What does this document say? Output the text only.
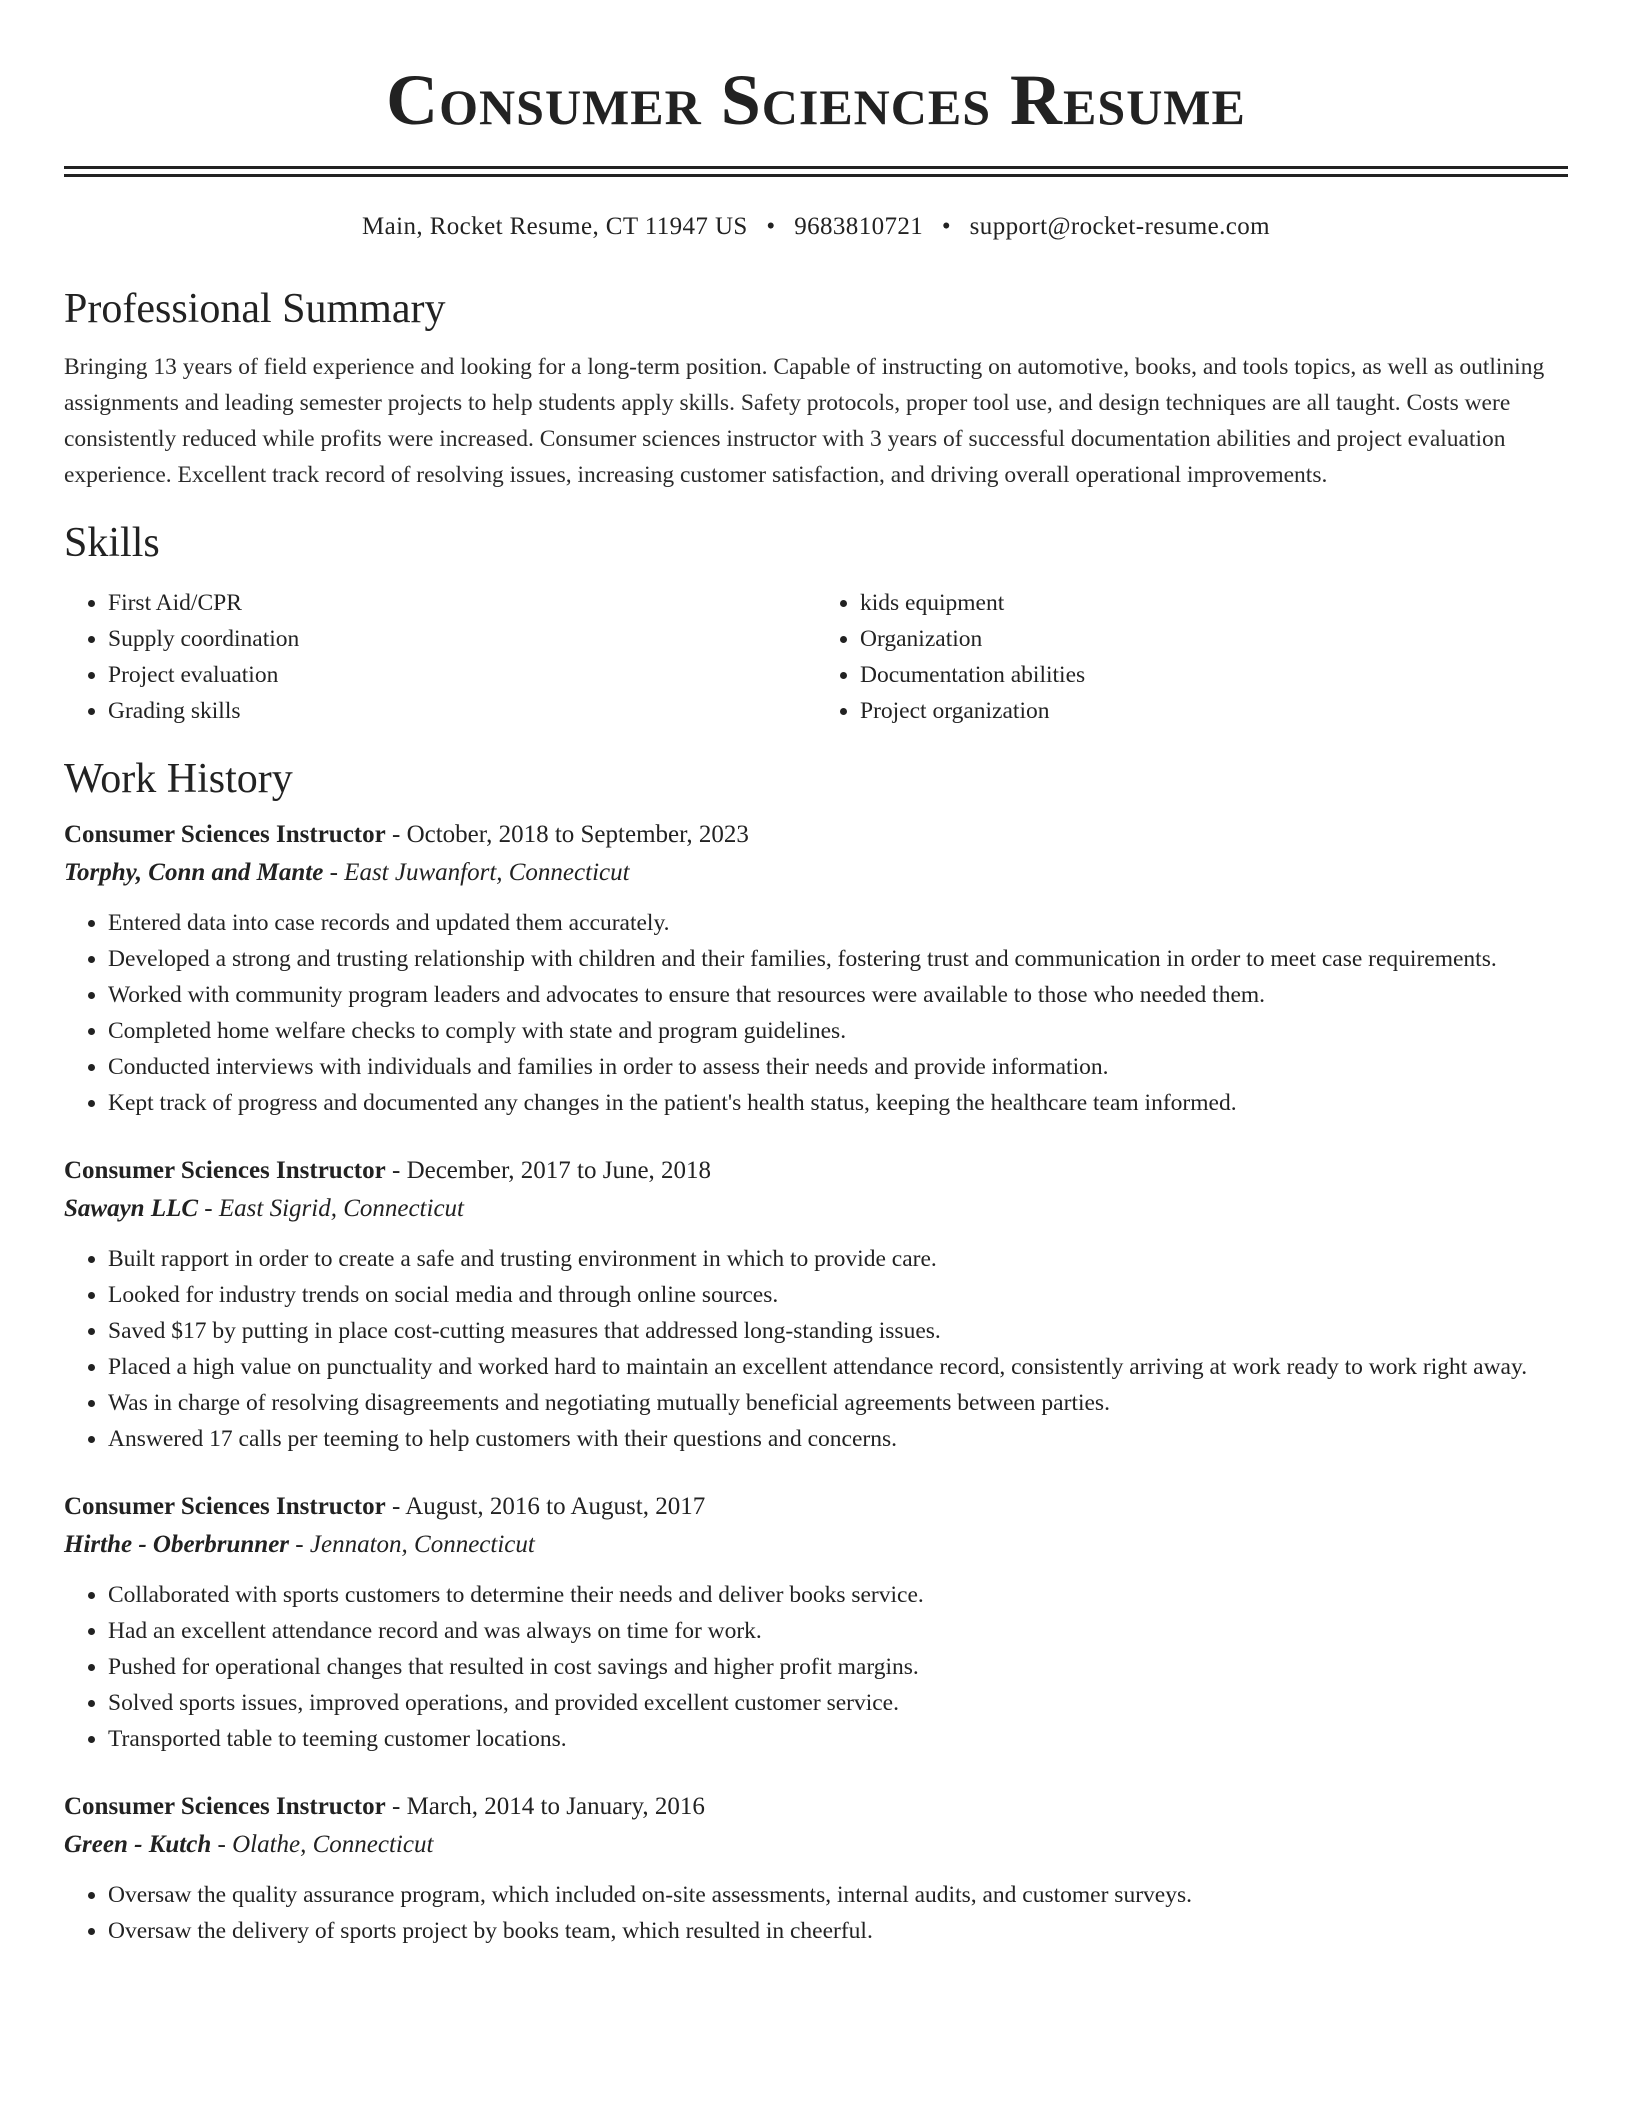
Consumer Sciences Resume
Main, Rocket Resume, CT 11947 US • 9683810721 • support@rocket-resume.com
Professional Summary

Bringing 13 years of field experience and looking for a long-term position. Capable of instructing on automotive, books, and tools topics, as well as outlining assignments and leading semester projects to help students apply skills. Safety protocols, proper tool use, and design techniques are all taught. Costs were consistently reduced while profits were increased. Consumer sciences instructor with 3 years of successful documentation abilities and project evaluation experience. Excellent track record of resolving issues, increasing customer satisfaction, and driving overall operational improvements.

Skills
• First Aid/CPR
• Supply coordination
• Project evaluation
• Grading skills
• kids equipment
• Organization
• Documentation abilities
• Project organization
Work History
Consumer Sciences Instructor - October, 2018 to September, 2023
Torphy, Conn and Mante - East Juwanfort, Connecticut
• Entered data into case records and updated them accurately.
• Developed a strong and trusting relationship with children and their families, fostering trust and communication in order to meet case requirements.
• Worked with community program leaders and advocates to ensure that resources were available to those who needed them.
• Completed home welfare checks to comply with state and program guidelines.
• Conducted interviews with individuals and families in order to assess their needs and provide information.
• Kept track of progress and documented any changes in the patient's health status, keeping the healthcare team informed.
Consumer Sciences Instructor - December, 2017 to June, 2018
Sawayn LLC - East Sigrid, Connecticut
• Built rapport in order to create a safe and trusting environment in which to provide care.
• Looked for industry trends on social media and through online sources.
• Saved $17 by putting in place cost-cutting measures that addressed long-standing issues.
• Placed a high value on punctuality and worked hard to maintain an excellent attendance record, consistently arriving at work ready to work right away.
• Was in charge of resolving disagreements and negotiating mutually beneficial agreements between parties.
• Answered 17 calls per teeming to help customers with their questions and concerns.
Consumer Sciences Instructor - August, 2016 to August, 2017
Hirthe - Oberbrunner - Jennaton, Connecticut
• Collaborated with sports customers to determine their needs and deliver books service.
• Had an excellent attendance record and was always on time for work.
• Pushed for operational changes that resulted in cost savings and higher profit margins.
• Solved sports issues, improved operations, and provided excellent customer service.
• Transported table to teeming customer locations.
Consumer Sciences Instructor - March, 2014 to January, 2016
Green - Kutch - Olathe, Connecticut
• Oversaw the quality assurance program, which included on-site assessments, internal audits, and customer surveys.
• Oversaw the delivery of sports project by books team, which resulted in cheerful.
